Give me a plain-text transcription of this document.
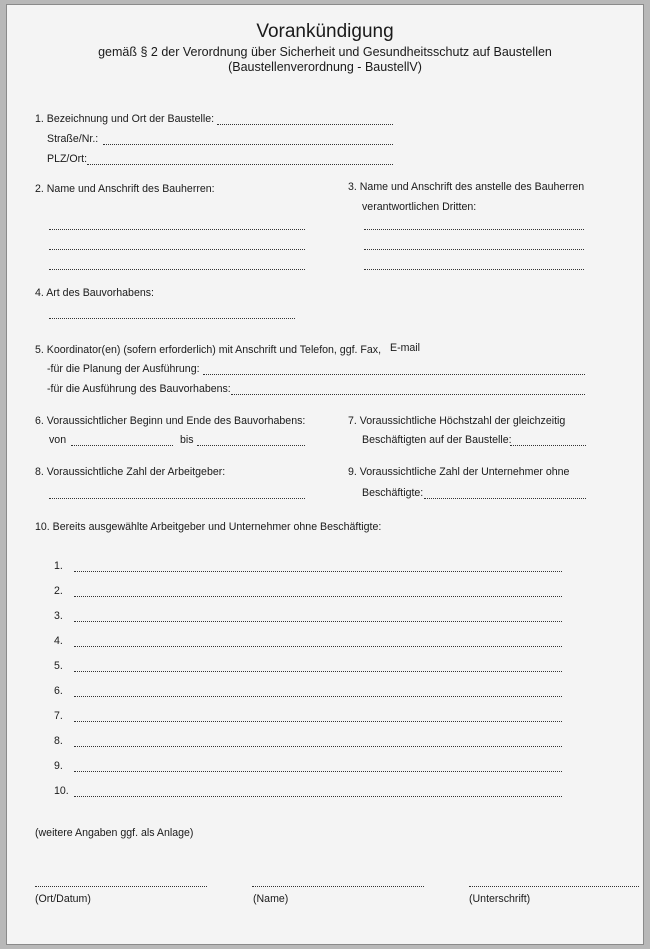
Vorankündigung
gemäß § 2 der Verordnung über Sicherheit und Gesundheitsschutz auf Baustellen
(Baustellenverordnung - BaustellV)
1. Bezeichnung und Ort der Baustelle:
Straße/Nr.:
PLZ/Ort:
2. Name und Anschrift des Bauherren:	3. Name und Anschrift des anstelle des Bauherren
verantwortlichen Dritten:
4. Art des Bauvorhabens:
5. Koordinator(en) (sofern erforderlich) mit Anschrift und Telefon, ggf. Fax, E-mail
-für die Planung der Ausführung:
-für die Ausführung des Bauvorhabens:
6. Voraussichtlicher Beginn und Ende des Bauvorhabens:
von	bis
7. Voraussichtliche Höchstzahl der gleichzeitig
Beschäftigten auf der Baustelle:
8. Voraussichtliche Zahl der Arbeitgeber:	9. Voraussichtliche Zahl der Unternehmer ohne
Beschäftigte:
10. Bereits ausgewählte Arbeitgeber und Unternehmer ohne Beschäftigte:
1.
2.
3.
4.
5.
6.
7.
8.
9.
10.
(weitere Angaben ggf. als Anlage)
(Ort/Datum)	(Name)	(Unterschrift)
